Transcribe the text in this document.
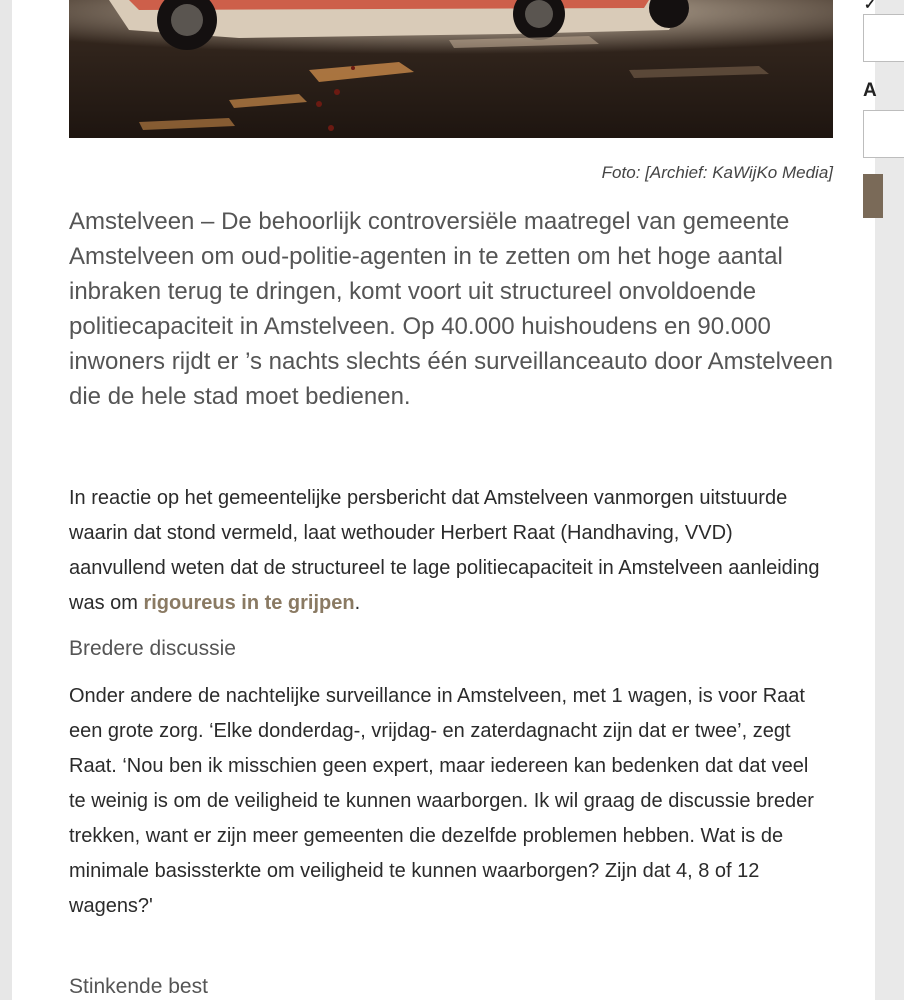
Foto: [Archief: KaWijKo Media]
Amstelveen – De behoorlijk controversiële maatregel van gemeente Amstelveen om oud-politie-agenten in te zetten om het hoge aantal inbraken terug te dringen, komt voort uit structureel onvoldoende politiecapaciteit in Amstelveen. Op 40.000 huishoudens en 90.000 inwoners rijdt er ’s nachts slechts één surveillanceauto door Amstelveen die de hele stad moet bedienen.
In reactie op het gemeentelijke persbericht dat Amstelveen vanmorgen uitstuurde waarin dat stond vermeld, laat wethouder Herbert Raat (Handhaving, VVD) aanvullend weten dat de structureel te lage politiecapaciteit in Amstelveen aanleiding was om rigoureus in te grijpen.
Bredere discussie
Onder andere de nachtelijke surveillance in Amstelveen, met 1 wagen, is voor Raat een grote zorg. ‘Elke donderdag-, vrijdag- en zaterdagnacht zijn dat er twee’, zegt Raat. ‘Nou ben ik misschien geen expert, maar iedereen kan bedenken dat dat veel te weinig is om de veiligheid te kunnen waarborgen. Ik wil graag de discussie breder trekken, want er zijn meer gemeenten die dezelfde problemen hebben. Wat is de minimale basissterkte om veiligheid te kunnen waarborgen? Zijn dat 4, 8 of 12 wagens?'
Stinkende best
✓
A
